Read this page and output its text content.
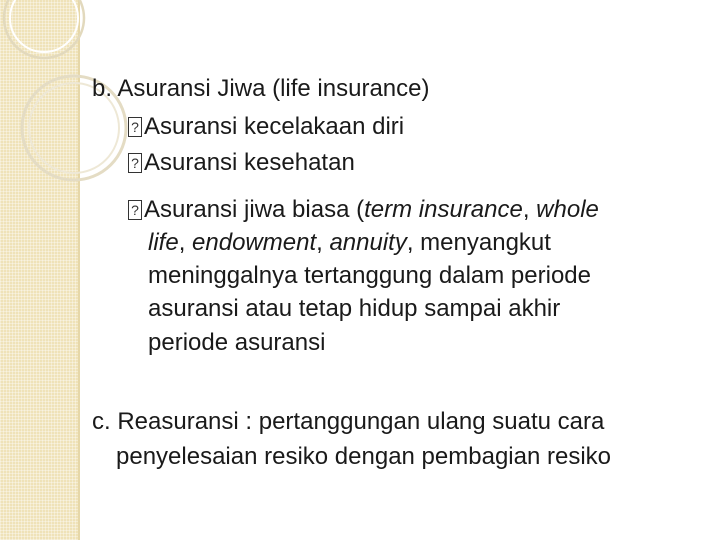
b. Asuransi Jiwa (life insurance)
?Asuransi kecelakaan diri
?Asuransi kesehatan
?Asuransi jiwa biasa (term insurance, whole
life, endowment, annuity, menyangkut
meninggalnya tertanggung dalam periode
asuransi atau tetap hidup sampai akhir
periode asuransi
c. Reasuransi : pertanggungan ulang suatu cara
penyelesaian resiko dengan pembagian resiko
